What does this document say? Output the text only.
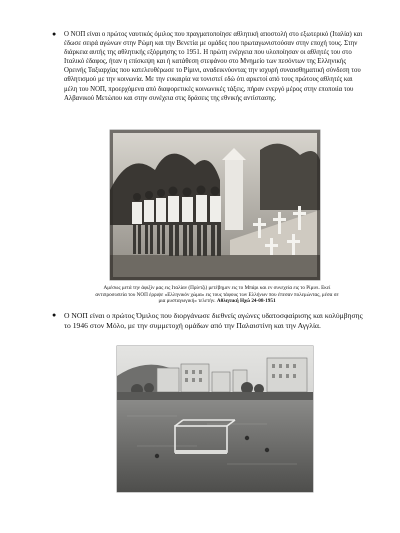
● Ο ΝΟΠ είναι ο πρώτος ναυτικός όμιλος που πραγματοποίησε αθλητική αποστολή στο εξωτερικό (Ιταλία) και έδωσε σειρά αγώνων στην Ρώμη και την Βενετία με ομάδες που πρωταγωνιστούσαν στην εποχή τους. Στην διάρκεια αυτής της αθλητικής εξόρμησης το 1951. Η πρώτη ενέργεια που υλοποίησαν οι αθλητές του στο Ιταλικό έδαφος, ήταν η επίσκεψη και ή κατάθεση στεφάνου στο Μνημείο των πεσόντων της Ελληνικής Ορεινής Ταξιαρχίας που κατελευθέρωσε το Ρίμινι, αναδεικνύοντας την ισχυρή συναισθηματική σύνδεση του αθλητισμού με την κοινωνία. Με την ευκαιρία να τονιστεί εδώ ότι αρκετοί από τους πρώτους αθλητές και μέλη του ΝΟΠ, προερχόμενα από διαφορετικές κοινωνικές τάξεις, πήραν ενεργό μέρος στην εποποιία του Αλβανικού Μετώπου και στην συνέχεια στις δράσεις της εθνικής αντίστασης.
Αμέσως μετά την άφιξίν μας εις Ιταλίαν (Πρίντζι) μετέβημεν εις το Μπάρι και εν συνεχεία εις το Ρίμινι. Εκεί αντιπροσωπεία του ΝΟΠ έρριψε «Ελληνικόν χώμα» εις τους τάφους των Ελλήνων που έπεσαν πολεμώντας, μέσα σε μια μυσταγωγική» τελετήν. Αθλητική Ηχώ 24-08-1951
● Ο ΝΟΠ είναι ο πρώτος Όμιλος που διοργάνωσε διεθνείς αγώνες υδατοσφαίρισης και κολύμβησης το 1946 στον Μόλο, με την συμμετοχή ομάδων από την Παλαιστίνη και την Αγγλία.
